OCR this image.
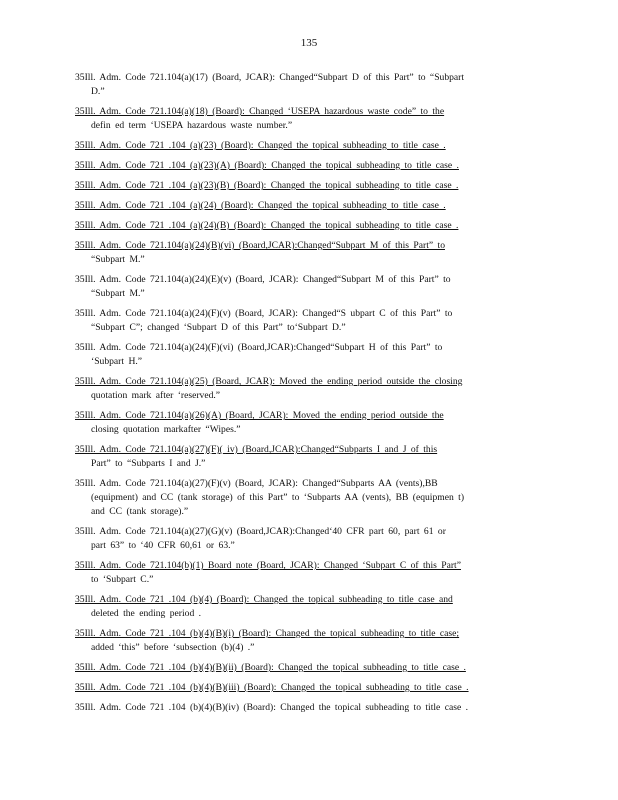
135
35Ill. Adm. Code 721.104(a)(17) (Board, JCAR): Changed“Subpart D of this Part” to “Subpart
D.”
35Ill. Adm. Code 721.104(a)(18) (Board): Changed ‘USEPA hazardous waste code” to the
defin ed term ‘USEPA hazardous waste number.”
35Ill. Adm. Code 721 .104 (a)(23) (Board): Changed the topical subheading to title case .
35Ill. Adm. Code 721 .104 (a)(23)(A) (Board): Changed the topical subheading to title case .
35Ill. Adm. Code 721 .104 (a)(23)(B) (Board): Changed the topical subheading to title case .
35Ill. Adm. Code 721 .104 (a)(24) (Board): Changed the topical subheading to title case .
35Ill. Adm. Code 721 .104 (a)(24)(B) (Board): Changed the topical subheading to title case .
35Ill. Adm. Code 721.104(a)(24)(B)(vi) (Board,JCAR):Changed“Subpart M of this Part” to
“Subpart M.”
35Ill. Adm. Code 721.104(a)(24)(E)(v) (Board, JCAR): Changed“Subpart M of this Part” to
“Subpart M.”
35Ill. Adm. Code 721.104(a)(24)(F)(v) (Board, JCAR): Changed“S ubpart C of this Part” to
“Subpart C”; changed ‘Subpart D of this Part” to‘Subpart D.”
35Ill. Adm. Code 721.104(a)(24)(F)(vi) (Board,JCAR):Changed“Subpart H of this Part” to
‘Subpart H.”
35Ill. Adm. Code 721.104(a)(25) (Board, JCAR): Moved the ending period outside the closing
quotation mark after ‘reserved.”
35Ill. Adm. Code 721.104(a)(26)(A) (Board, JCAR): Moved the ending period outside the
closing quotation markafter “Wipes.”
35Ill. Adm. Code 721.104(a)(27)(F)( iv) (Board,JCAR):Changed“Subparts I and J of this
Part” to “Subparts I and J.”
35Ill. Adm. Code 721.104(a)(27)(F)(v) (Board, JCAR): Changed“Subparts AA (vents),BB
(equipment) and CC (tank storage) of this Part” to ‘Subparts AA (vents), BB (equipmen t)
and CC (tank storage).”
35Ill. Adm. Code 721.104(a)(27)(G)(v) (Board,JCAR):Changed‘40 CFR part 60, part 61 or
part 63” to ‘40 CFR 60,61 or 63.”
35Ill. Adm. Code 721.104(b)(1) Board note (Board, JCAR): Changed ‘Subpart C of this Part”
to ‘Subpart C.”
35Ill. Adm. Code 721 .104 (b)(4) (Board): Changed the topical subheading to title case and
deleted the ending period .
35Ill. Adm. Code 721 .104 (b)(4)(B)(i) (Board): Changed the topical subheading to title case;
added ‘this” before ‘subsection (b)(4) .”
35Ill. Adm. Code 721 .104 (b)(4)(B)(ii) (Board): Changed the topical subheading to title case .
35Ill. Adm. Code 721 .104 (b)(4)(B)(iii) (Board): Changed the topical subheading to title case .
35Ill. Adm. Code 721 .104 (b)(4)(B)(iv) (Board): Changed the topical subheading to title case .
